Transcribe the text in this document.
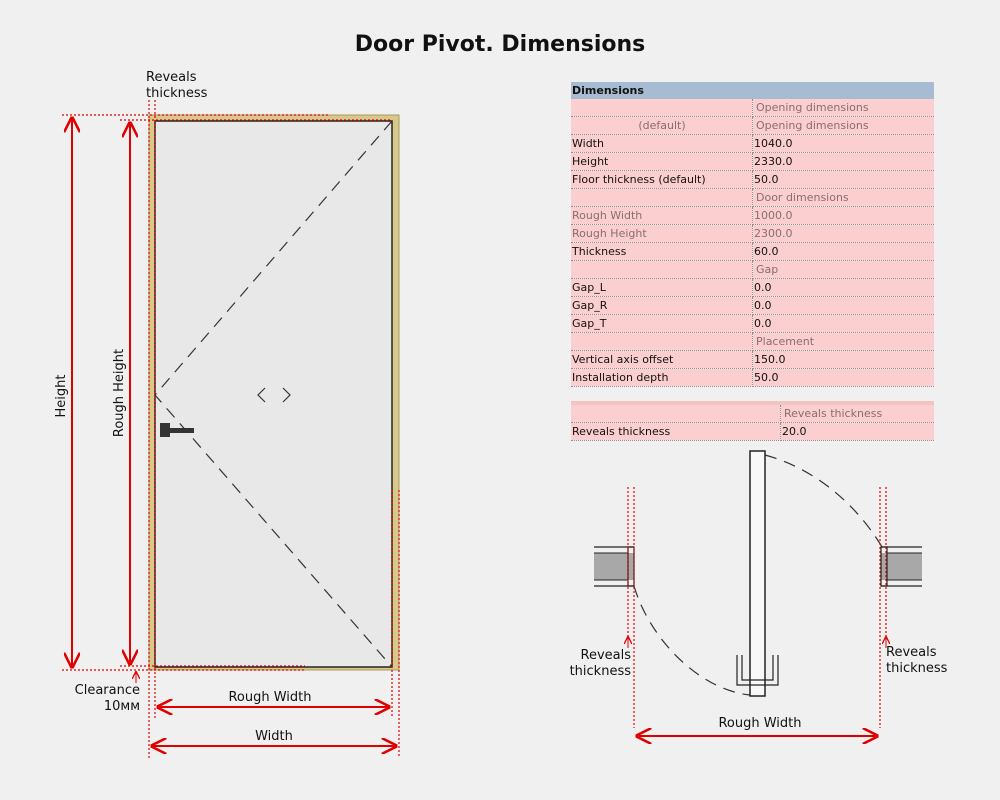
Door Pivot. Dimensions
Reveals
thickness
Height	Rough Height
Clearance
10мм
Rough Width
Width
Reveals
thickness
Reveals
thickness
Rough Width
Dimensions	
	Opening dimensions
(default)	Opening dimensions
Width	1040.0
Height	2330.0
Floor thickness (default)	50.0
	Door dimensions
Rough Width	1000.0
Rough Height	2300.0
Thickness	60.0
	Gap
Gap_L	0.0
Gap_R	0.0
Gap_T	0.0
	Placement
Vertical axis offset	150.0
Installation depth	50.0
	Reveals thickness
Reveals thickness	20.0
